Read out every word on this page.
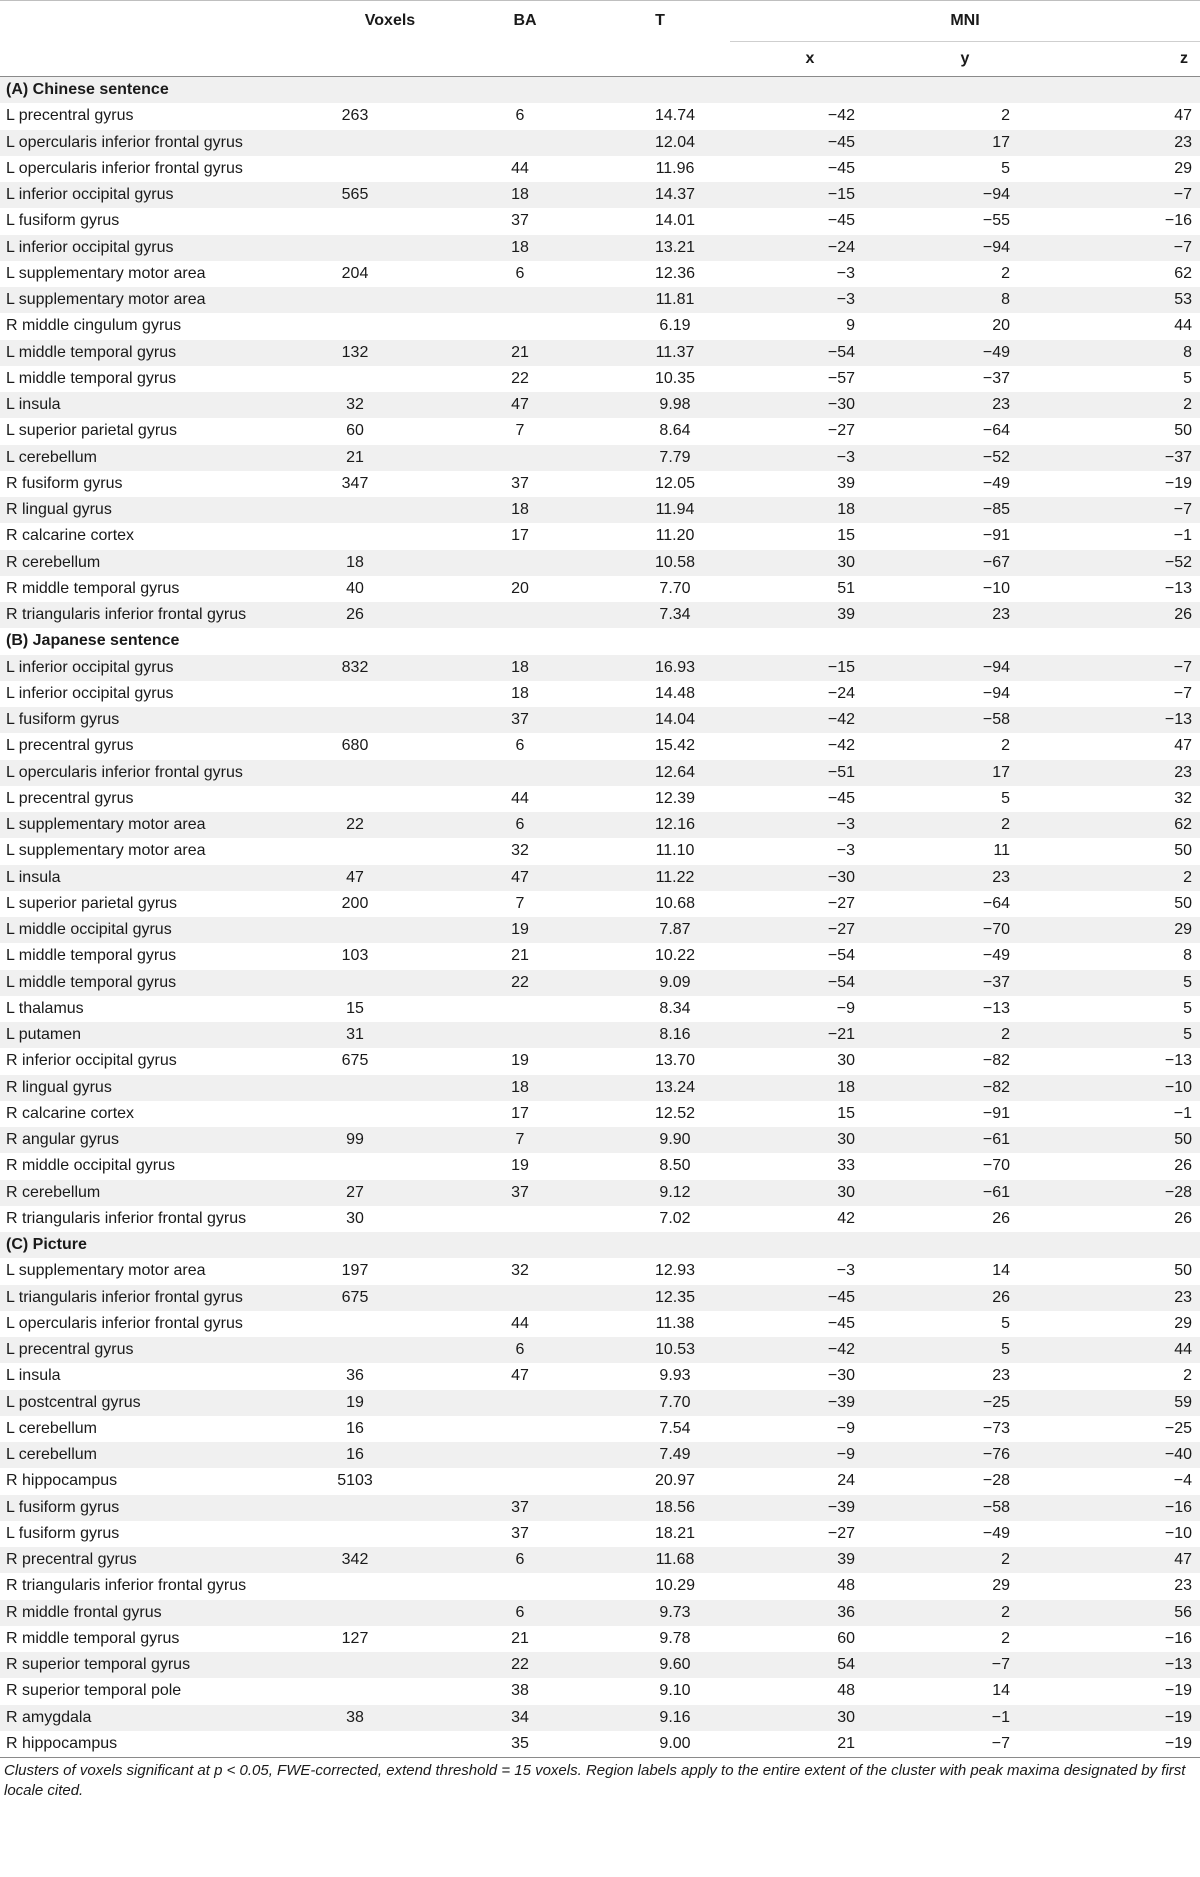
	Voxels	BA	T	MNI		
				x	y	z
(A) Chinese sentence						
L precentral gyrus	263	6	14.74	−42	2	47
L opercularis inferior frontal gyrus			12.04	−45	17	23
L opercularis inferior frontal gyrus		44	11.96	−45	5	29
L inferior occipital gyrus	565	18	14.37	−15	−94	−7
L fusiform gyrus		37	14.01	−45	−55	−16
L inferior occipital gyrus		18	13.21	−24	−94	−7
L supplementary motor area	204	6	12.36	−3	2	62
L supplementary motor area			11.81	−3	8	53
R middle cingulum gyrus			6.19	9	20	44
L middle temporal gyrus	132	21	11.37	−54	−49	8
L middle temporal gyrus		22	10.35	−57	−37	5
L insula	32	47	9.98	−30	23	2
L superior parietal gyrus	60	7	8.64	−27	−64	50
L cerebellum	21		7.79	−3	−52	−37
R fusiform gyrus	347	37	12.05	39	−49	−19
R lingual gyrus		18	11.94	18	−85	−7
R calcarine cortex		17	11.20	15	−91	−1
R cerebellum	18		10.58	30	−67	−52
R middle temporal gyrus	40	20	7.70	51	−10	−13
R triangularis inferior frontal gyrus	26		7.34	39	23	26
(B) Japanese sentence						
L inferior occipital gyrus	832	18	16.93	−15	−94	−7
L inferior occipital gyrus		18	14.48	−24	−94	−7
L fusiform gyrus		37	14.04	−42	−58	−13
L precentral gyrus	680	6	15.42	−42	2	47
L opercularis inferior frontal gyrus			12.64	−51	17	23
L precentral gyrus		44	12.39	−45	5	32
L supplementary motor area	22	6	12.16	−3	2	62
L supplementary motor area		32	11.10	−3	11	50
L insula	47	47	11.22	−30	23	2
L superior parietal gyrus	200	7	10.68	−27	−64	50
L middle occipital gyrus		19	7.87	−27	−70	29
L middle temporal gyrus	103	21	10.22	−54	−49	8
L middle temporal gyrus		22	9.09	−54	−37	5
L thalamus	15		8.34	−9	−13	5
L putamen	31		8.16	−21	2	5
R inferior occipital gyrus	675	19	13.70	30	−82	−13
R lingual gyrus		18	13.24	18	−82	−10
R calcarine cortex		17	12.52	15	−91	−1
R angular gyrus	99	7	9.90	30	−61	50
R middle occipital gyrus		19	8.50	33	−70	26
R cerebellum	27	37	9.12	30	−61	−28
R triangularis inferior frontal gyrus	30		7.02	42	26	26
(C) Picture						
L supplementary motor area	197	32	12.93	−3	14	50
L triangularis inferior frontal gyrus	675		12.35	−45	26	23
L opercularis inferior frontal gyrus		44	11.38	−45	5	29
L precentral gyrus		6	10.53	−42	5	44
L insula	36	47	9.93	−30	23	2
L postcentral gyrus	19		7.70	−39	−25	59
L cerebellum	16		7.54	−9	−73	−25
L cerebellum	16		7.49	−9	−76	−40
R hippocampus	5103		20.97	24	−28	−4
L fusiform gyrus		37	18.56	−39	−58	−16
L fusiform gyrus		37	18.21	−27	−49	−10
R precentral gyrus	342	6	11.68	39	2	47
R triangularis inferior frontal gyrus			10.29	48	29	23
R middle frontal gyrus		6	9.73	36	2	56
R middle temporal gyrus	127	21	9.78	60	2	−16
R superior temporal gyrus		22	9.60	54	−7	−13
R superior temporal pole		38	9.10	48	14	−19
R amygdala	38	34	9.16	30	−1	−19
R hippocampus		35	9.00	21	−7	−19
Clusters of voxels significant at p < 0.05, FWE-corrected, extend threshold = 15 voxels. Region labels apply to the entire extent of the cluster with peak maxima designated by first locale cited.
